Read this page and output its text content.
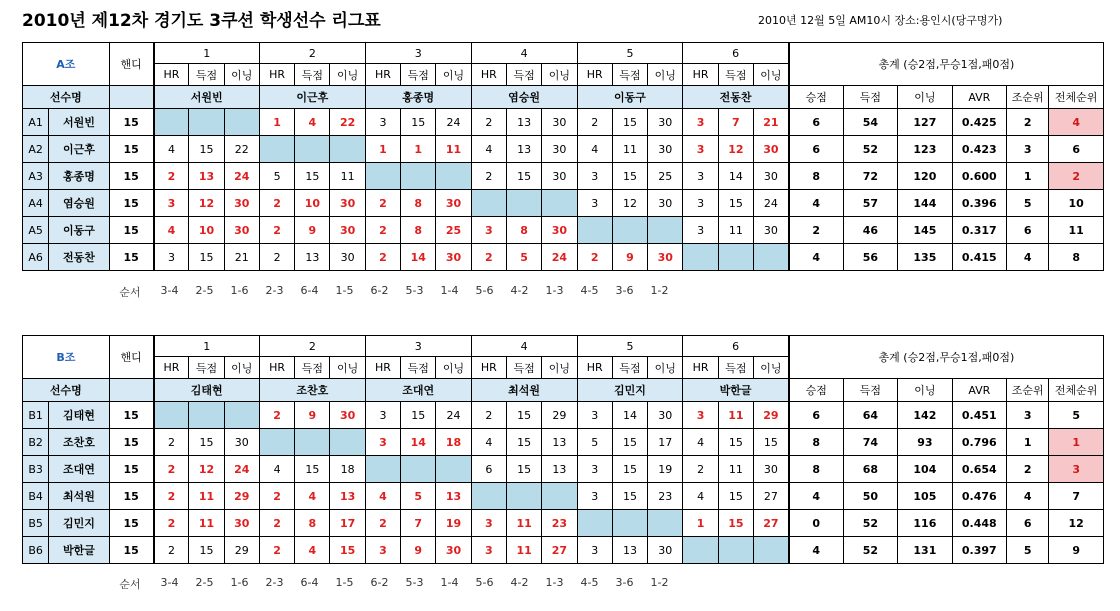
2010년 제12차 경기도 3쿠션 학생선수 리그표	2010년 12월 5일 AM10시 장소:용인시(당구명가)
A조		핸디	1			2			3			4			5			6			총계 (승2점,무승1점,패0점)					
			HR	득점	이닝	HR	득점	이닝	HR	득점	이닝	HR	득점	이닝	HR	득점	이닝	HR	득점	이닝						
선수명			서원빈			이근후			홍종명			염승원			이동구			전동찬			승점	득점	이닝	AVR	조순위	전체순위
A1	서원빈	15				1	4	22	3	15	24	2	13	30	2	15	30	3	7	21	6	54	127	0.425	2	4
A2	이근후	15	4	15	22				1	1	11	4	13	30	4	11	30	3	12	30	6	52	123	0.423	3	6
A3	홍종명	15	2	13	24	5	15	11				2	15	30	3	15	25	3	14	30	8	72	120	0.600	1	2
A4	염승원	15	3	12	30	2	10	30	2	8	30				3	12	30	3	15	24	4	57	144	0.396	5	10
A5	이동구	15	4	10	30	2	9	30	2	8	25	3	8	30				3	11	30	2	46	145	0.317	6	11
A6	전동찬	15	3	15	21	2	13	30	2	14	30	2	5	24	2	9	30				4	56	135	0.415	4	8
순서	3-4	2-5	1-6	2-3	6-4	1-5	6-2	5-3	1-4	5-6	4-2	1-3	4-5	3-6	1-2
B조		핸디	1			2			3			4			5			6			총계 (승2점,무승1점,패0점)					
			HR	득점	이닝	HR	득점	이닝	HR	득점	이닝	HR	득점	이닝	HR	득점	이닝	HR	득점	이닝						
선수명			김태현			조찬호			조대연			최석원			김민지			박한글			승점	득점	이닝	AVR	조순위	전체순위
B1	김태현	15				2	9	30	3	15	24	2	15	29	3	14	30	3	11	29	6	64	142	0.451	3	5
B2	조찬호	15	2	15	30				3	14	18	4	15	13	5	15	17	4	15	15	8	74	93	0.796	1	1
B3	조대연	15	2	12	24	4	15	18				6	15	13	3	15	19	2	11	30	8	68	104	0.654	2	3
B4	최석원	15	2	11	29	2	4	13	4	5	13				3	15	23	4	15	27	4	50	105	0.476	4	7
B5	김민지	15	2	11	30	2	8	17	2	7	19	3	11	23				1	15	27	0	52	116	0.448	6	12
B6	박한글	15	2	15	29	2	4	15	3	9	30	3	11	27	3	13	30				4	52	131	0.397	5	9
순서	3-4	2-5	1-6	2-3	6-4	1-5	6-2	5-3	1-4	5-6	4-2	1-3	4-5	3-6	1-2
